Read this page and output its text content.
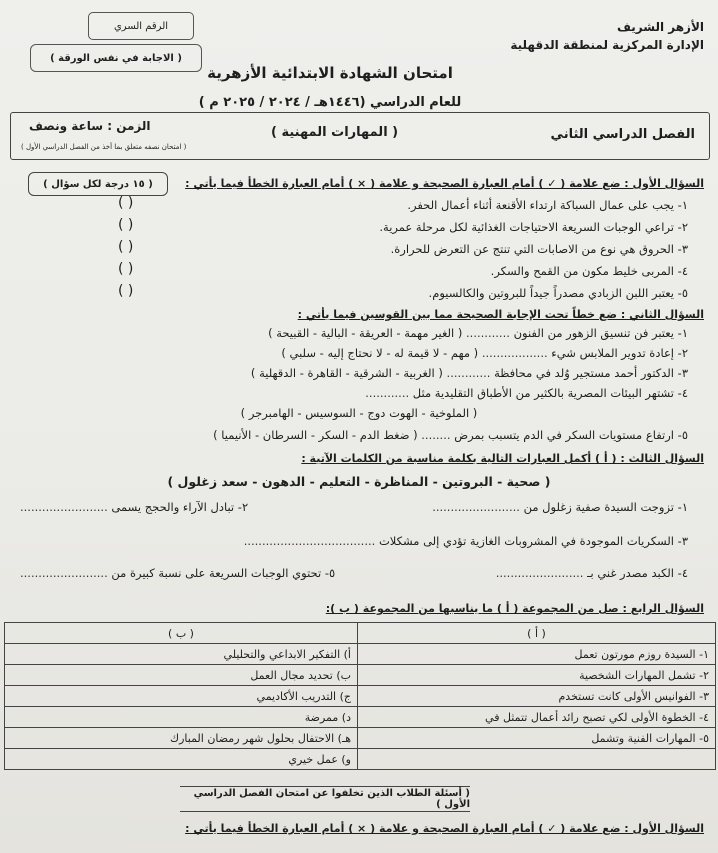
الأزهر الشريف
الإدارة المركزية لمنطقة الدقهلية
امتحان الشهادة الابتدائية الأزهرية
للعام الدراسي (١٤٤٦هـ / ٢٠٢٤ / ٢٠٢٥ م )
الرقم السري
( الاجابة في نفس الورقة )
الفصل الدراسي الثاني
( المهارات المهنية )
الزمن : ساعة ونصف
( امتحان نصفه متعلق بما أخذ من الفصل الدراسي الأول )
السؤال الأول : ضع علامة ( ✓ ) أمام العبارة الصحيحة و علامة ( × ) أمام العبارة الخطأ فيما يأتي :
( ١٥ درجة لكل سؤال )
١- يجب على عمال السباكة ارتداء الأقنعة أثناء أعمال الحفر.
٢- تراعي الوجبات السريعة الاحتياجات الغذائية لكل مرحلة عمرية.
٣- الحروق هي نوع من الاصابات التي تنتج عن التعرض للحرارة.
٤- المربى خليط مكون من القمح والسكر.
٥- يعتبر اللبن الزبادي مصدراً جيداً للبروتين والكالسيوم.
( )
( )
( )
( )
( )
السؤال الثاني : ضع خطاً تحت الإجابة الصحيحة مما بين القوسين فيما يأتي :
١- يعتبر فن تنسيق الزهور من الفنون ............ ( الغير مهمة - العريقة - البالية - القبيحة )
٢- إعادة تدوير الملابس شيء .................. ( مهم - لا قيمة له - لا نحتاج إليه - سلبي )
٣- الدكتور أحمد مستجير وُلد في محافظة ............ ( الغربية - الشرقية - القاهرة - الدقهلية )
٤- تشتهر البيئات المصرية بالكثير من الأطباق التقليدية مثل ............
( الملوخية - الهوت دوج - السوسيس - الهامبرجر )
٥- ارتفاع مستويات السكر في الدم يتسبب بمرض ........ ( ضغط الدم - السكر - السرطان - الأنيميا )
السؤال الثالث : ( أ ) أكمل العبارات التالية بكلمة مناسبة من الكلمات الآتية :
( صحية - البروتين - المناظرة - التعليم - الدهون - سعد زغلول )
١- تزوجت السيدة صفية زغلول من ........................
٢- تبادل الآراء والحجج يسمى ........................
٣- السكريات الموجودة في المشروبات الغازية تؤدي إلى مشكلات ....................................
٤- الكبد مصدر غني بـ ........................
٥- تحتوي الوجبات السريعة على نسبة كبيرة من ........................
السؤال الرابع : صل من المجموعة ( أ ) ما يناسبها من المجموعة ( ب ):
( أ )	( ب )
١- السيدة روزم مورتون تعمل	أ) التفكير الابداعي والتحليلي
٢- تشمل المهارات الشخصية	ب) تحديد مجال العمل
٣- الفوانيس الأولى كانت تستخدم	ج) التدريب الأكاديمي
٤- الخطوة الأولى لكي تصبح رائد أعمال تتمثل في	د) ممرضة
٥- المهارات الفنية وتشمل	هـ) الاحتفال بحلول شهر رمضان المبارك
	و) عمل خيري
( أسئلة الطلاب الذين تخلفوا عن امتحان الفصل الدراسي الأول )
السؤال الأول : ضع علامة ( ✓ ) أمام العبارة الصحيحة و علامة ( × ) أمام العبارة الخطأ فيما يأتي :
